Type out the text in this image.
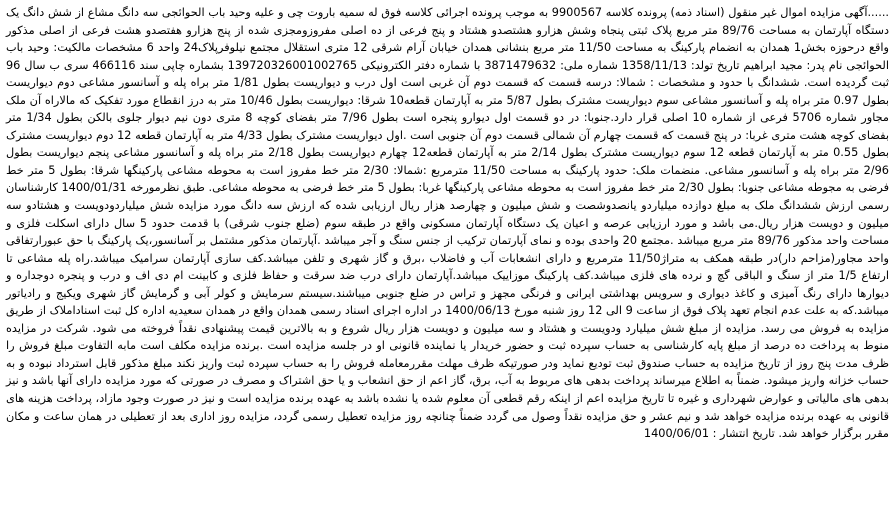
......آگهی مزایده اموال غیر منقول (اسناد ذمه) پرونده کلاسه 9900567 به موجب پرونده اجرائی کلاسه فوق له سمیه باروت چی و علیه وحید باب الحوائجی سه دانگ مشاع از شش دانگ یک دستگاه آپارتمان به مساحت 89/76 متر مربع پلاک ثبتی پنجاه وشش هزارو هشتصدو هشتاد و پنج فرعی از ده اصلی مفروزومجزی شده از پنج هزارو هفتصدو هشت فرعی از اصلی مذکور واقع درحوزه بخش1 همدان به انضمام پارکینگ به مساحت 11/50 متر مربع بنشانی همدان خیابان آرام شرقی 12 متری استقلال مجتمع نیلوفرپلاک24 واحد 6 مشخصات مالکیت: وحید باب الحوائجی نام پدر: مجید ابراهیم تاریخ تولد: 1358/11/13 شماره ملی: 3871479632 با شماره دفتر الکترونیکی 139720326001002765 بشماره چاپی سند 466116 سری ب سال 96 ثبت گردیده است. ششدانگ با حدود و مشخصات : شمالا: درسه قسمت که قسمت دوم آن غربی است اول درب و دیواریست بطول 1/81 متر براه پله و آسانسور مشاعی دوم دیواریست بطول 0.97 متر براه پله و آسانسور مشاعی سوم دیواریست مشترک بطول 5/87 متر به آپارتمان قطعه10 شرقا: دیواریست بطول 10/46 متر به درز انقطاع مورد تفکیک که مالاراه آن ملک مجاور شماره 5706 فرعی از شماره 10 اصلی قرار دارد.جنوبا: در دو قسمت اول دیوارو پنجره است بطول 7/96 متر بفضای کوچه 8 متری دون نیم دیوار جلوی بالکن بطول 1/34 متر بفضای کوچه هشت متری غربا: در پنج قسمت که قسمت چهارم آن شمالی قسمت دوم آن جنوبی است .اول دیواریست مشترک بطول 4/33 متر به آپارتمان قطعه 12 دوم دیواریست مشترک بطول 0.55 متر به آپارتمان قطعه 12 سوم دیواریست مشترک بطول 2/14 متر به آپارتمان قطعه12 چهارم دیواریست بطول 2/18 متر براه پله و آسانسور مشاعی پنجم دیواریست بطول 2/96 متر براه پله و آسانسور مشاعی. منضمات ملک: حدود پارکینگ به مساحت 11/50 مترمربع :شمالا: 2/30 متر خط مفروز است به محوطه مشاعی پارکینگها شرقا: بطول 5 متر خط فرضی به مجوطه مشاعی جنوبا: بطول 2/30 متر خط مفروز است به محوطه مشاعی پارکینگها غربا: بطول 5 متر خط فرضی به محوطه مشاعی. طبق نظرمورخه 1400/01/31 کارشناسان رسمی ارزش ششدانگ ملک به مبلغ دوازده میلیاردو یانصدوشصت و شش میلیون و چهارصد هزار ریال ارزیابی شده که ارزش سه دانگ مورد مزایده شش میلیاردودویست و هشتادو سه میلیون و دویست هزار ریال.می باشد و مورد ارزیابی عرصه و اعیان یک دستگاه آپارتمان مسکونی واقع در طبقه سوم (ضلع جنوب شرقی) با قدمت حدود 5 سال دارای اسکلت فلزی و مساحت واحد مذکور 89/76 متر مربع میباشد .مجتمع 20 واحدی بوده و نمای آپارتمان ترکیب از جنس سنگ و آجر میباشد .آپارتمان مذکور مشتمل بر آسانسور،یک پارکینگ با حق عبورارتفاقی واحد مجاور(مزاحم دار)در طبقه همکف به متراژ11/50 مترمربع و دارای انشعابات آب و فاضلاب ،برق و گاز شهری و تلفن میباشد.کف سازی آپارتمان سرامیک میباشد.راه پله مشاعی تا ارتفاع 1/5 متر از سنگ و الباقی گچ و نرده های فلزی میباشد.کف پارکینگ موزاییک میباشد.آپارتمان دارای درب ضد سرقت و حفاظ فلزی و کابینت ام دی اف و درب و پنجره دوجداره و دیوارها دارای رنگ آمیزی و کاغذ دیواری و سرویس بهداشتی ایرانی و فرنگی مجهز و تراس در ضلع جنوبی میباشند.سیستم سرمایش و کولر آبی و گرمایش گاز شهری ویکیج و رادیاتور میباشد.که به علت عدم انجام تعهد پلاک فوق از ساعت 9 الی 12 روز شنبه مورخ 1400/06/13 در اداره اجرای اسناد رسمی همدان واقع در همدان سعیدیه اداره کل ثبت اسناداملاک از طریق مزایده به فروش می رسد. مزایده از مبلغ شش میلیارد ودویست و هشتاد و سه میلیون و دویست هزار ریال شروع و به بالاترین قیمت پیشنهادی نقداً فروخته می شود. شرکت در مزایده منوط به پرداخت ده درصد از مبلغ پایه کارشناسی به حساب سپرده ثبت و حضور خریدار یا نماینده قانونی او در جلسه مزایده است .برنده مزایده مکلف است مابه التفاوت مبلغ فروش را ظرف مدت پنج روز از تاریخ مزایده به حساب صندوق ثبت تودیع نماید ودر صورتیکه ظرف مهلت مقررمعامله فروش را به حساب سپرده ثبت واریز نکند مبلغ مذکور قابل استرداد نبوده و به حساب خزانه واریز میشود. ضمناً به اطلاع میرساند پرداخت بدهی های مربوط به آب، برق، گاز اعم از حق انشعاب و یا حق اشتراک و مصرف در صورتی که مورد مزایده دارای آنها باشد و نیز بدهی های مالیاتی و عوارض شهرداری و غیره تا تاریخ مزایده اعم از اینکه رقم قطعی آن معلوم شده یا نشده باشد به عهده برنده مزایده است و نیز در صورت وجود مازاد، پرداخت هزینه های قانونی به عهده برنده مزایده خواهد شد و نیم عشر و حق مزایده نقداً وصول می گردد ضمناً چنانچه روز مزایده تعطیل رسمی گردد، مزایده روز اداری بعد از تعطیلی در همان ساعت و مکان مقرر برگزار خواهد شد. تاریخ انتشار : 1400/06/01
